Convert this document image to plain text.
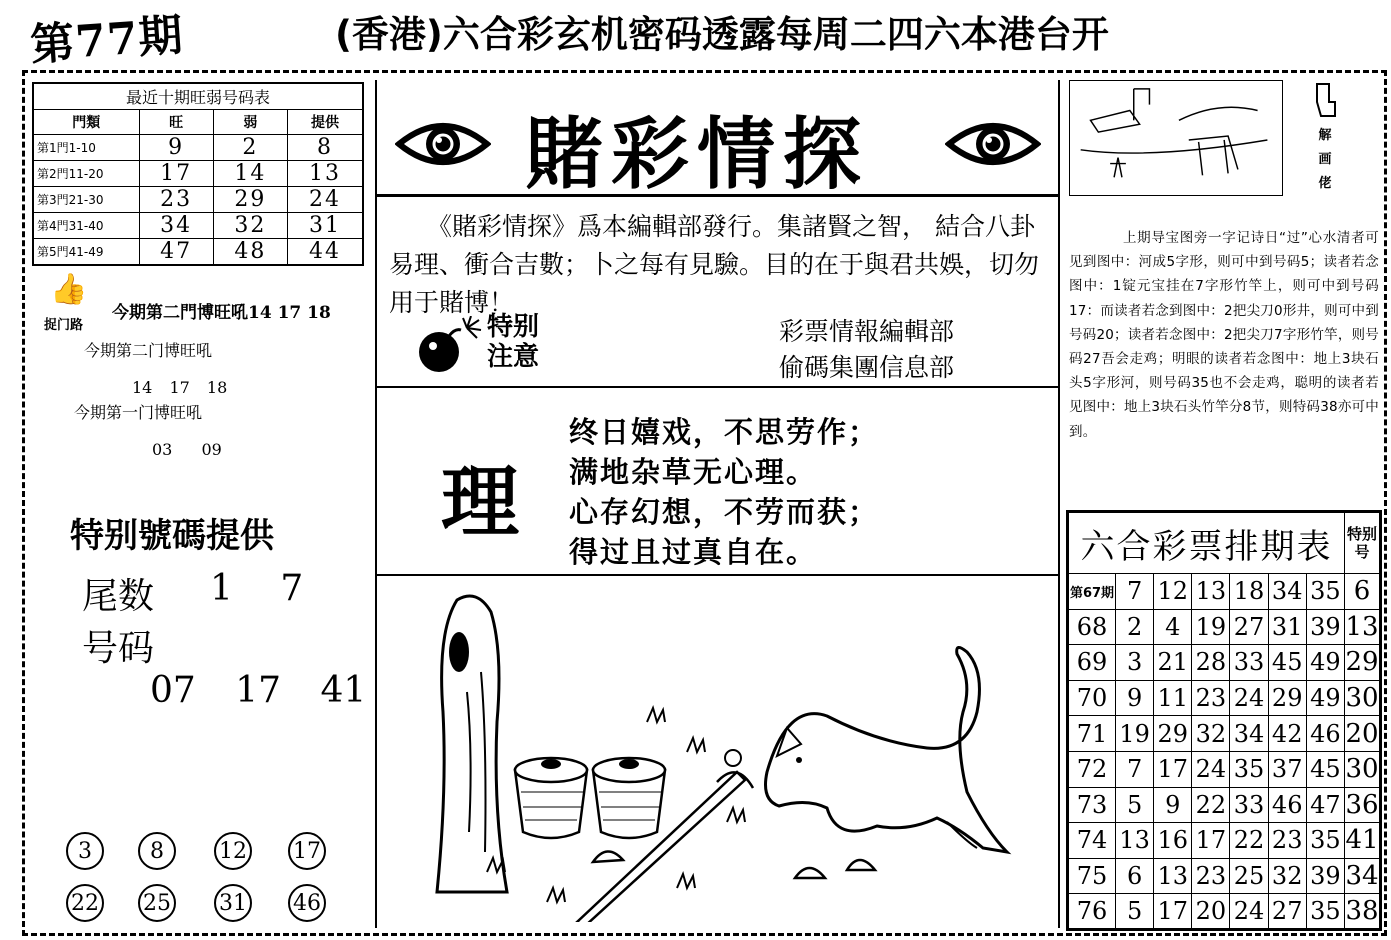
第77期	(香港)六合彩玄机密码透露每周二四六本港台开
最近十期旺弱号码表			
門類	旺	弱	提供
第1門1-10	9	2	8
第2門11-20	17	14	13
第3門21-30	23	29	24
第4門31-40	34	32	31
第5門41-49	47	48	44
👍
捉门路
今期第二門博旺吼14 17 18
今期第二门博旺吼
14 17 18
今期第一门博旺吼
03 09
特别號碼提供
尾数 1 7
号码
07 17 41
3	8	12 17
22 25 31 46
賭彩情探
《賭彩情探》爲本編輯部發行。集諸賢之智， 結合八卦易理、衝合吉數；卜之每有見驗。目的在于與君共娛，切勿用于賭博！
特别
注意
彩票情報編輯部
偷碼集團信息部
理
终日嬉戏，不思劳作；
满地杂草无心理。
心存幻想，不劳而获；
得过且过真自在。
解画佬
上期导宝图旁一字记诗日“过”心水清者可见到图中：河成5字形，则可中到号码5；读者若念图中：1锭元宝挂在7字形竹竿上，则可中到号码17：而读者若念到图中：2把尖刀0形井，则可中到号码20；读者若念图中：2把尖刀7字形竹竿，则号码27吾会走鸡；明眼的读者若念图中：地上3块石头5字形河，则号码35也不会走鸡，聪明的读者若见图中：地上3块石头竹竿分8节，则特码38亦可中到。
六合彩票排期表							特别号
第67期	7	12	13	18	34	35	6
68	2	4	19	27	31	39	13
69	3	21	28	33	45	49	29
70	9	11	23	24	29	49	30
71	19	29	32	34	42	46	20
72	7	17	24	35	37	45	30
73	5	9	22	33	46	47	36
74	13	16	17	22	23	35	41
75	6	13	23	25	32	39	34
76	5	17	20	24	27	35	38
